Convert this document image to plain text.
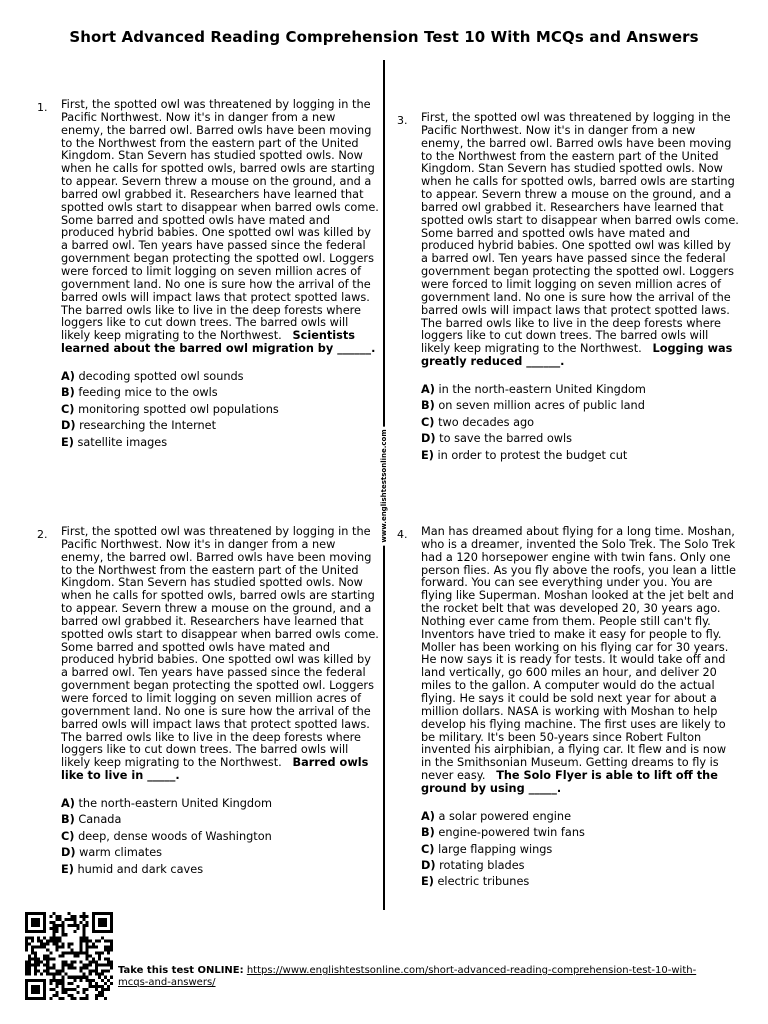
Short Advanced Reading Comprehension Test 10 With MCQs and Answers
www.englishtestsonline.com
1. First, the spotted owl was threatened by logging in the Pacific Northwest. Now it's in danger from a new enemy, the barred owl. Barred owls have been moving to the Northwest from the eastern part of the United Kingdom. Stan Severn has studied spotted owls. Now when he calls for spotted owls, barred owls are starting to appear. Severn threw a mouse on the ground, and a barred owl grabbed it. Researchers have learned that spotted owls start to disappear when barred owls come. Some barred and spotted owls have mated and produced hybrid babies. One spotted owl was killed by a barred owl. Ten years have passed since the federal government began protecting the spotted owl. Loggers were forced to limit logging on seven million acres of government land. No one is sure how the arrival of the barred owls will impact laws that protect spotted laws. The barred owls like to live in the deep forests where loggers like to cut down trees. The barred owls will likely keep migrating to the Northwest. Scientists learned about the barred owl migration by ______.

A) decoding spotted owl sounds
B) feeding mice to the owls
C) monitoring spotted owl populations
D) researching the Internet
E) satellite images
2. First, the spotted owl was threatened by logging in the Pacific Northwest. Now it's in danger from a new enemy, the barred owl. Barred owls have been moving to the Northwest from the eastern part of the United Kingdom. Stan Severn has studied spotted owls. Now when he calls for spotted owls, barred owls are starting to appear. Severn threw a mouse on the ground, and a barred owl grabbed it. Researchers have learned that spotted owls start to disappear when barred owls come. Some barred and spotted owls have mated and produced hybrid babies. One spotted owl was killed by a barred owl. Ten years have passed since the federal government began protecting the spotted owl. Loggers were forced to limit logging on seven million acres of government land. No one is sure how the arrival of the barred owls will impact laws that protect spotted laws. The barred owls like to live in the deep forests where loggers like to cut down trees. The barred owls will likely keep migrating to the Northwest. Barred owls like to live in _____.

A) the north-eastern United Kingdom
B) Canada
C) deep, dense woods of Washington
D) warm climates
E) humid and dark caves
3. First, the spotted owl was threatened by logging in the Pacific Northwest. Now it's in danger from a new enemy, the barred owl. Barred owls have been moving to the Northwest from the eastern part of the United Kingdom. Stan Severn has studied spotted owls. Now when he calls for spotted owls, barred owls are starting to appear. Severn threw a mouse on the ground, and a barred owl grabbed it. Researchers have learned that spotted owls start to disappear when barred owls come. Some barred and spotted owls have mated and produced hybrid babies. One spotted owl was killed by a barred owl. Ten years have passed since the federal government began protecting the spotted owl. Loggers were forced to limit logging on seven million acres of government land. No one is sure how the arrival of the barred owls will impact laws that protect spotted laws. The barred owls like to live in the deep forests where loggers like to cut down trees. The barred owls will likely keep migrating to the Northwest. Logging was greatly reduced ______.

A) in the north-eastern United Kingdom
B) on seven million acres of public land
C) two decades ago
D) to save the barred owls
E) in order to protest the budget cut
4. Man has dreamed about flying for a long time. Moshan, who is a dreamer, invented the Solo Trek. The Solo Trek had a 120 horsepower engine with twin fans. Only one person flies. As you fly above the roofs, you lean a little forward. You can see everything under you. You are flying like Superman. Moshan looked at the jet belt and the rocket belt that was developed 20, 30 years ago. Nothing ever came from them. People still can't fly. Inventors have tried to make it easy for people to fly. Moller has been working on his flying car for 30 years. He now says it is ready for tests. It would take off and land vertically, go 600 miles an hour, and deliver 20 miles to the gallon. A computer would do the actual flying. He says it could be sold next year for about a million dollars. NASA is working with Moshan to help develop his flying machine. The first uses are likely to be military. It's been 50-years since Robert Fulton invented his airphibian, a flying car. It flew and is now in the Smithsonian Museum. Getting dreams to fly is never easy. The Solo Flyer is able to lift off the ground by using _____.

A) a solar powered engine
B) engine-powered twin fans
C) large flapping wings
D) rotating blades
E) electric tribunes
Take this test ONLINE: https://www.englishtestsonline.com/short-advanced-reading-comprehension-test-10-with-mcqs-and-answers/
